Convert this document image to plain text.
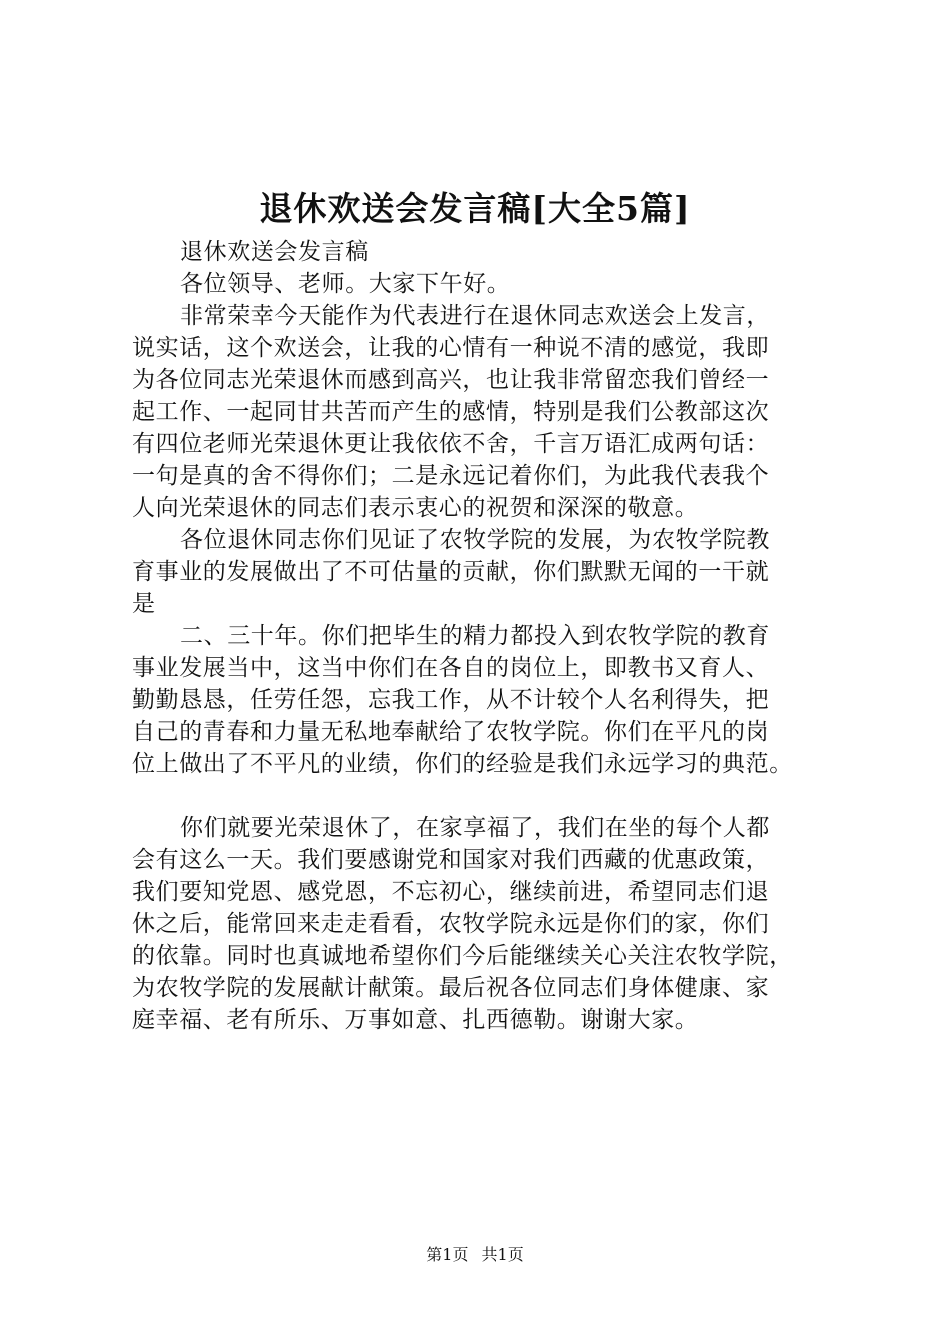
退休欢送会发言稿[大全5篇]
退休欢送会发言稿
各位领导、老师。大家下午好。
非常荣幸今天能作为代表进行在退休同志欢送会上发言，
说实话，这个欢送会，让我的心情有一种说不清的感觉，我即
为各位同志光荣退休而感到高兴，也让我非常留恋我们曾经一
起工作、一起同甘共苦而产生的感情，特别是我们公教部这次
有四位老师光荣退休更让我依依不舍，千言万语汇成两句话：
一句是真的舍不得你们；二是永远记着你们，为此我代表我个
人向光荣退休的同志们表示衷心的祝贺和深深的敬意。
各位退休同志你们见证了农牧学院的发展，为农牧学院教
育事业的发展做出了不可估量的贡献，你们默默无闻的一干就
是
二、三十年。你们把毕生的精力都投入到农牧学院的教育
事业发展当中，这当中你们在各自的岗位上，即教书又育人、
勤勤恳恳，任劳任怨，忘我工作，从不计较个人名利得失，把
自己的青春和力量无私地奉献给了农牧学院。你们在平凡的岗
位上做出了不平凡的业绩，你们的经验是我们永远学习的典范。
你们就要光荣退休了，在家享福了，我们在坐的每个人都
会有这么一天。我们要感谢党和国家对我们西藏的优惠政策，
我们要知党恩、感党恩，不忘初心，继续前进，希望同志们退
休之后，能常回来走走看看，农牧学院永远是你们的家，你们
的依靠。同时也真诚地希望你们今后能继续关心关注农牧学院，
为农牧学院的发展献计献策。最后祝各位同志们身体健康、家
庭幸福、老有所乐、万事如意、扎西德勒。谢谢大家。
第1页 共1页
